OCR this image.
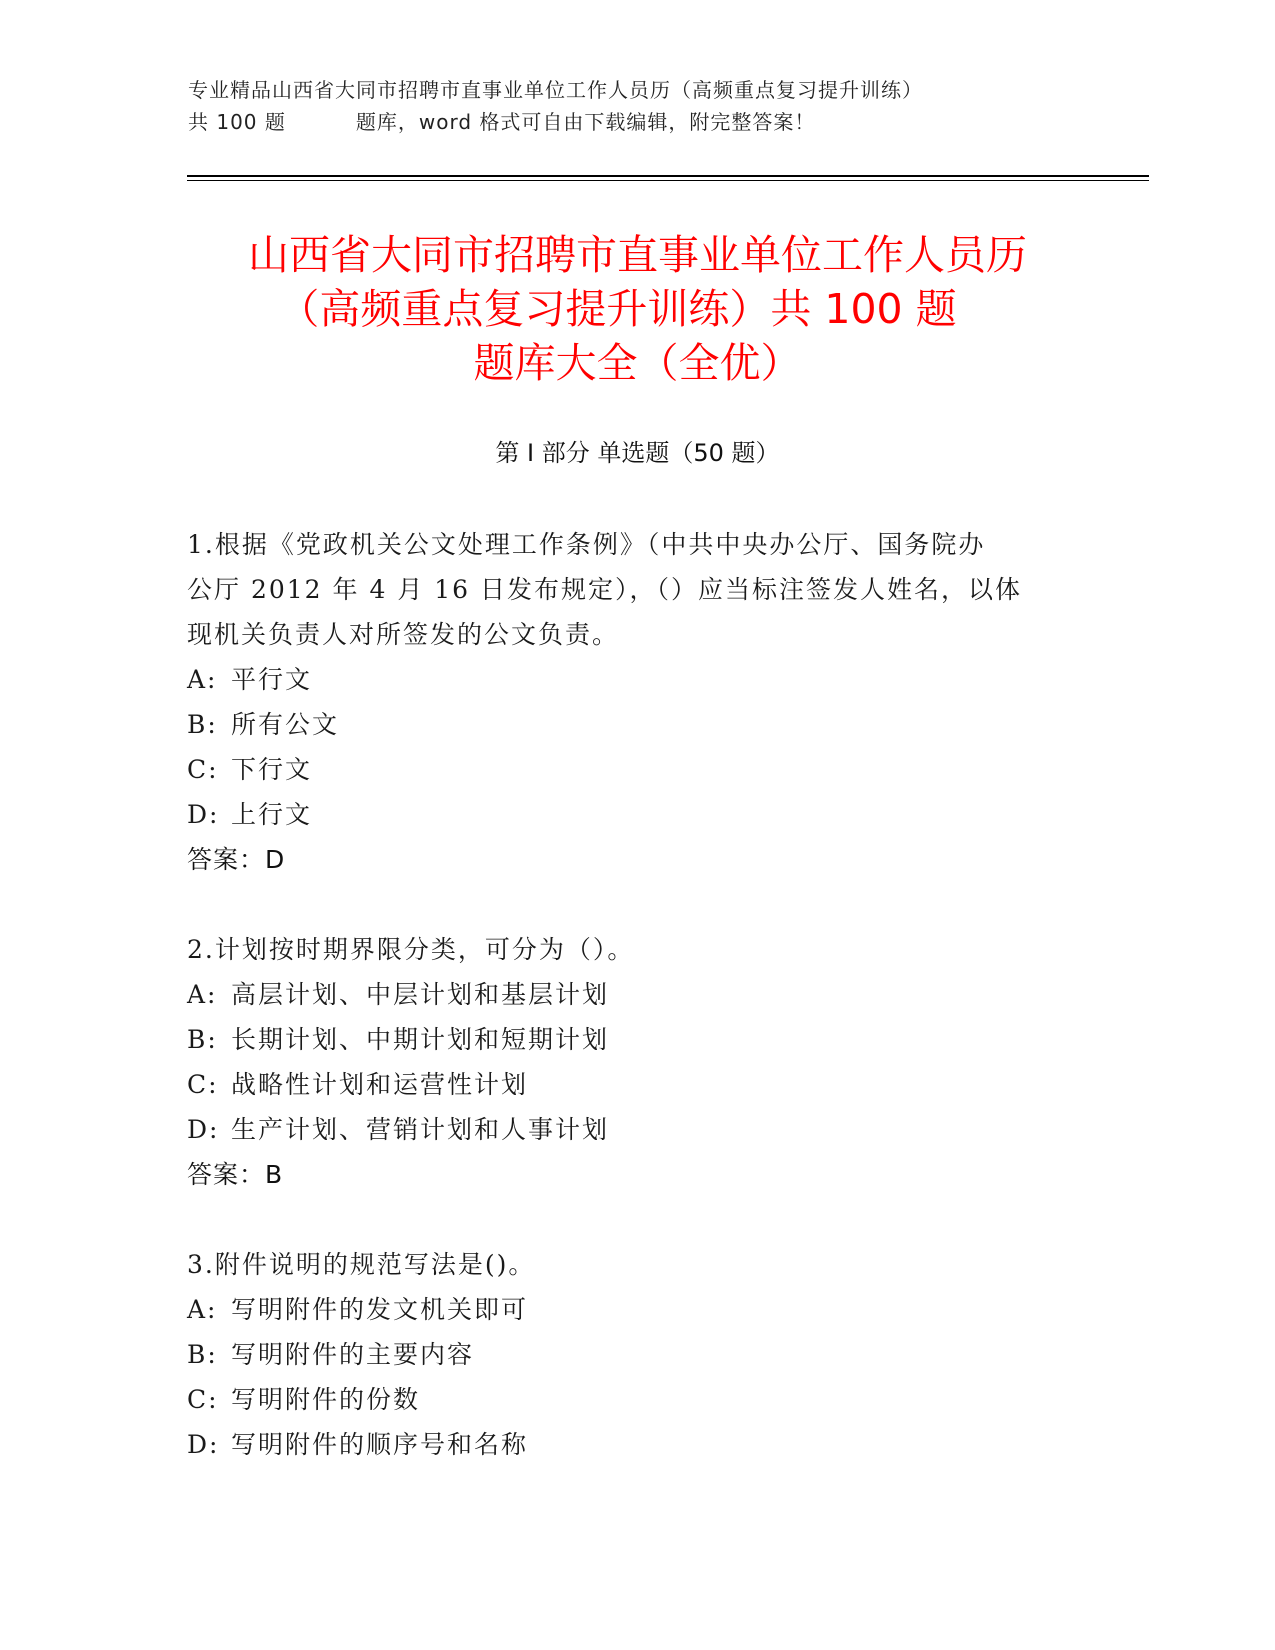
专业精品山西省大同市招聘市直事业单位工作人员历（高频重点复习提升训练）
共 100 题	题库，word 格式可自由下载编辑，附完整答案！
山西省大同市招聘市直事业单位工作人员历
（高频重点复习提升训练）共 100 题
题库大全（全优）
第 I 部分 单选题（50 题）
1.根据《党政机关公文处理工作条例》（中共中央办公厅、国务院办
公厅 2012 年 4 月 16 日发布规定），（）应当标注签发人姓名，以体
现机关负责人对所签发的公文负责。
A: 平行文
B: 所有公文
C: 下行文
D: 上行文
答案：D
2.计划按时期界限分类，可分为（）。
A: 高层计划、中层计划和基层计划
B: 长期计划、中期计划和短期计划
C: 战略性计划和运营性计划
D: 生产计划、营销计划和人事计划
答案：B
3.附件说明的规范写法是()。
A: 写明附件的发文机关即可
B: 写明附件的主要内容
C: 写明附件的份数
D: 写明附件的顺序号和名称
